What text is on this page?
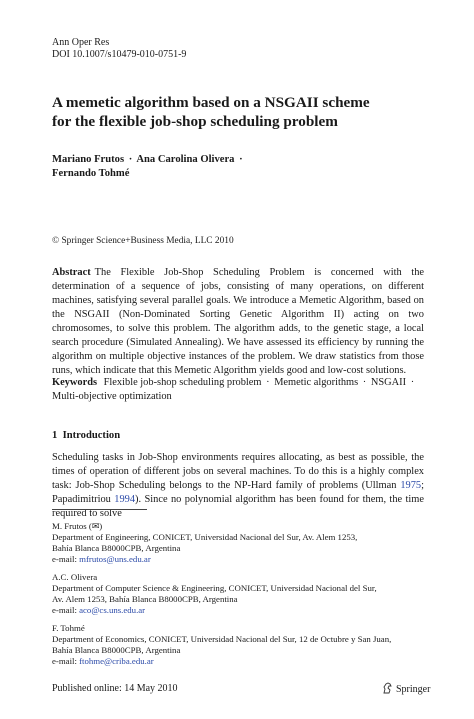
Ann Oper Res
DOI 10.1007/s10479-010-0751-9
A memetic algorithm based on a NSGAII scheme
for the flexible job-shop scheduling problem
Mariano Frutos · Ana Carolina Olivera ·
Fernando Tohmé
© Springer Science+Business Media, LLC 2010
Abstract The Flexible Job-Shop Scheduling Problem is concerned with the determination of a sequence of jobs, consisting of many operations, on different machines, satisfying several parallel goals. We introduce a Memetic Algorithm, based on the NSGAII (Non-Dominated Sorting Genetic Algorithm II) acting on two chromosomes, to solve this problem. The algorithm adds, to the genetic stage, a local search procedure (Simulated Annealing). We have assessed its efficiency by running the algorithm on multiple objective instances of the problem. We draw statistics from those runs, which indicate that this Memetic Algorithm yields good and low-cost solutions.
Keywords Flexible job-shop scheduling problem · Memetic algorithms · NSGAII ·
Multi-objective optimization
1 Introduction
Scheduling tasks in Job-Shop environments requires allocating, as best as possible, the times of operation of different jobs on several machines. To do this is a highly complex task: Job-Shop Scheduling belongs to the NP-Hard family of problems (Ullman 1975; Papadimitriou 1994). Since no polynomial algorithm has been found for them, the time required to solve
M. Frutos (✉)
Department of Engineering, CONICET, Universidad Nacional del Sur, Av. Alem 1253,
Bahía Blanca B8000CPB, Argentina
e-mail: mfrutos@uns.edu.ar
A.C. Olivera
Department of Computer Science & Engineering, CONICET, Universidad Nacional del Sur,
Av. Alem 1253, Bahía Blanca B8000CPB, Argentina
e-mail: aco@cs.uns.edu.ar
F. Tohmé
Department of Economics, CONICET, Universidad Nacional del Sur, 12 de Octubre y San Juan,
Bahía Blanca B8000CPB, Argentina
e-mail: ftohme@criba.edu.ar
Published online: 14 May 2010	Springer
